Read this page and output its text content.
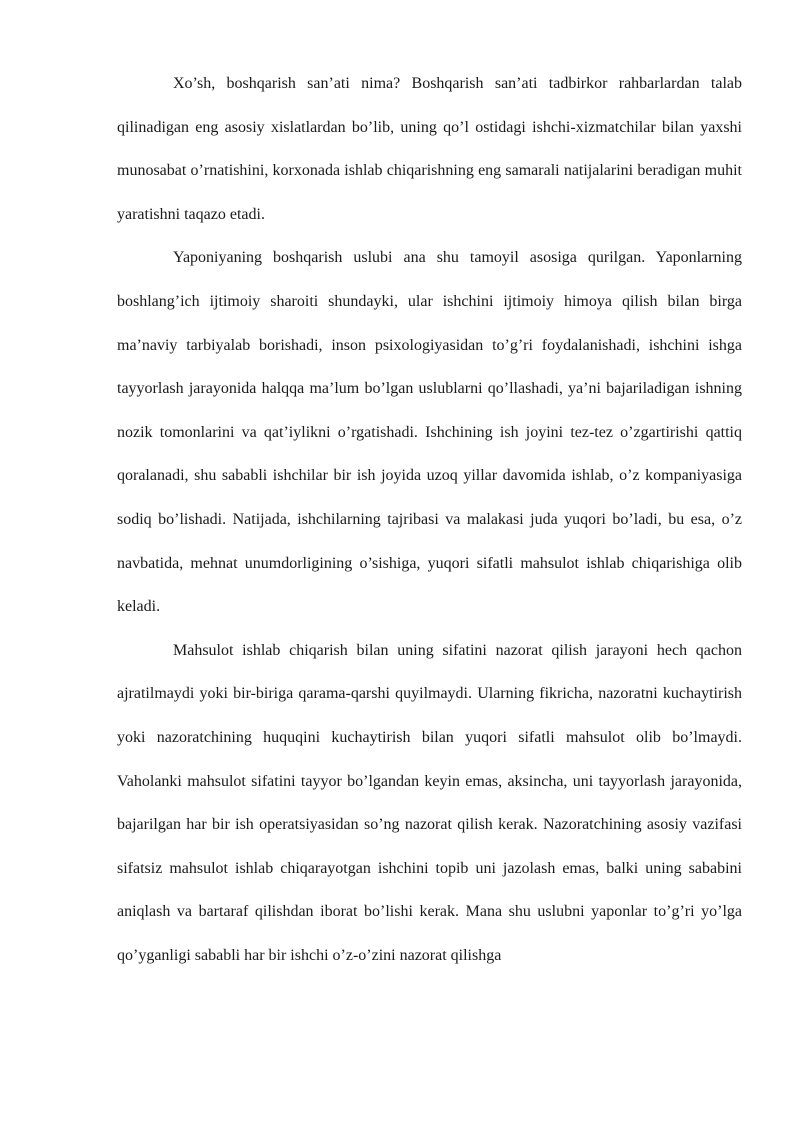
Xo’sh, boshqarish san’ati nima? Boshqarish san’ati tadbirkor rahbarlardan talab qilinadigan eng asosiy xislatlardan bo’lib, uning qo’l ostidagi ishchi-xizmatchilar bilan yaxshi munosabat o’rnatishini, korxonada ishlab chiqarishning eng samarali natijalarini beradigan muhit yaratishni taqazo etadi.

Yaponiyaning boshqarish uslubi ana shu tamoyil asosiga qurilgan. Yaponlarning boshlang’ich ijtimoiy sharoiti shundayki, ular ishchini ijtimoiy himoya qilish bilan birga ma’naviy tarbiyalab borishadi, inson psixologiyasidan to’g’ri foydalanishadi, ishchini ishga tayyorlash jarayonida halqqa ma’lum bo’lgan uslublarni qo’llashadi, ya’ni bajariladigan ishning nozik tomonlarini va qat’iylikni o’rgatishadi. Ishchining ish joyini tez-tez o’zgartirishi qattiq qoralanadi, shu sababli ishchilar bir ish joyida uzoq yillar davomida ishlab, o’z kompaniyasiga sodiq bo’lishadi. Natijada, ishchilarning tajribasi va malakasi juda yuqori bo’ladi, bu esa, o’z navbatida, mehnat unumdorligining o’sishiga, yuqori sifatli mahsulot ishlab chiqarishiga olib keladi.

Mahsulot ishlab chiqarish bilan uning sifatini nazorat qilish jarayoni hech qachon ajratilmaydi yoki bir-biriga qarama-qarshi quyilmaydi. Ularning fikricha, nazoratni kuchaytirish yoki nazoratchining huquqini kuchaytirish bilan yuqori sifatli mahsulot olib bo’lmaydi. Vaholanki mahsulot sifatini tayyor bo’lgandan keyin emas, aksincha, uni tayyorlash jarayonida, bajarilgan har bir ish operatsiyasidan so’ng nazorat qilish kerak. Nazoratchining asosiy vazifasi sifatsiz mahsulot ishlab chiqarayotgan ishchini topib uni jazolash emas, balki uning sababini aniqlash va bartaraf qilishdan iborat bo’lishi kerak. Mana shu uslubni yaponlar to’g’ri yo’lga qo’yganligi sababli har bir ishchi o’z-o’zini nazorat qilishga
